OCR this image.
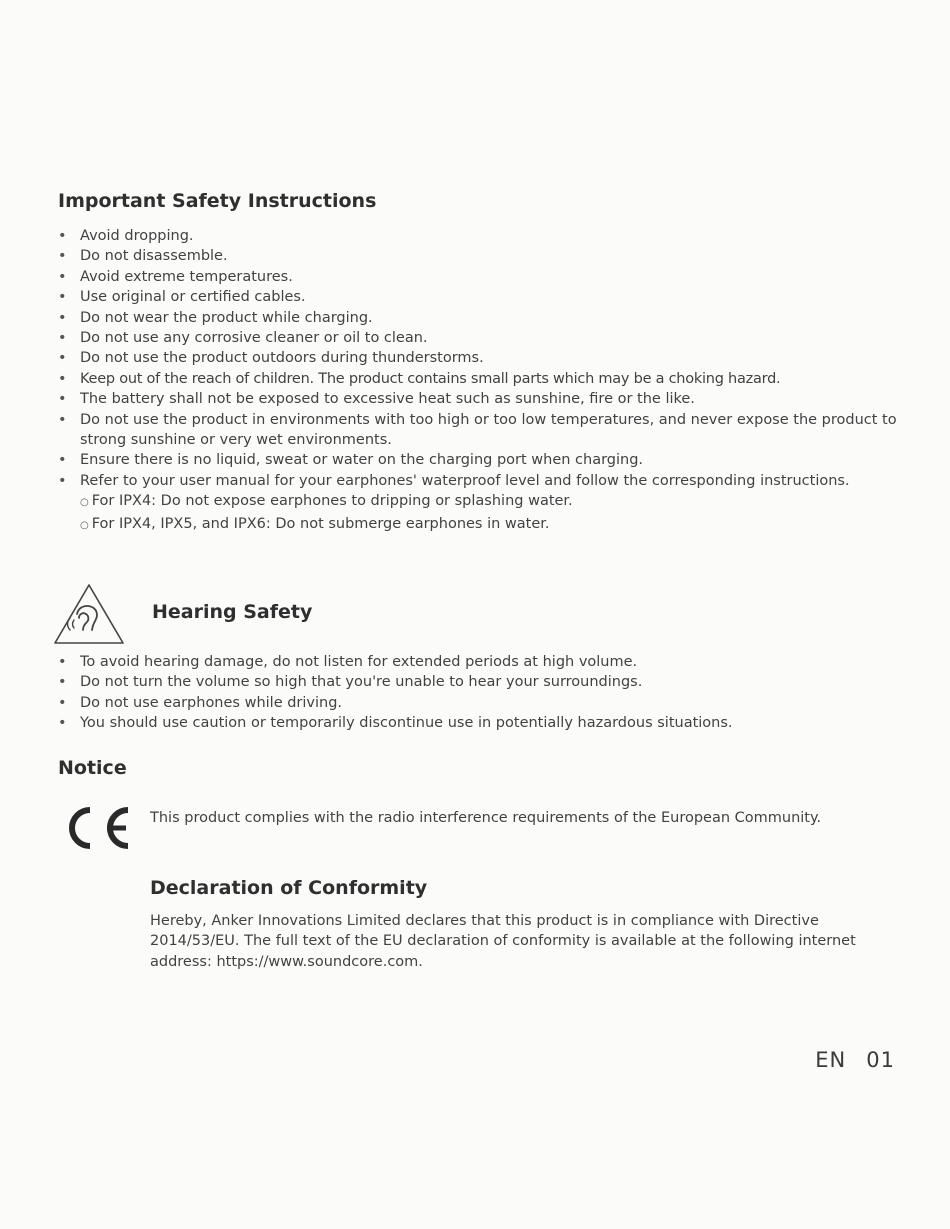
Important Safety Instructions
• Avoid dropping.
• Do not disassemble.
• Avoid extreme temperatures.
• Use original or certified cables.
• Do not wear the product while charging.
• Do not use any corrosive cleaner or oil to clean.
• Do not use the product outdoors during thunderstorms.
• Keep out of the reach of children. The product contains small parts which may be a choking hazard.
• The battery shall not be exposed to excessive heat such as sunshine, fire or the like.
• Do not use the product in environments with too high or too low temperatures, and never expose the product to strong sunshine or very wet environments.
• Ensure there is no liquid, sweat or water on the charging port when charging.
• Refer to your user manual for your earphones' waterproof level and follow the corresponding instructions.
○ For IPX4: Do not expose earphones to dripping or splashing water.
○ For IPX4, IPX5, and IPX6: Do not submerge earphones in water.
Hearing Safety
• To avoid hearing damage, do not listen for extended periods at high volume.
• Do not turn the volume so high that you're unable to hear your surroundings.
• Do not use earphones while driving.
• You should use caution or temporarily discontinue use in potentially hazardous situations.
Notice

This product complies with the radio interference requirements of the European Community.

Declaration of Conformity

Hereby, Anker Innovations Limited declares that this product is in compliance with Directive 2014/53/EU. The full text of the EU declaration of conformity is available at the following internet address: https://www.soundcore.com.

EN 01
